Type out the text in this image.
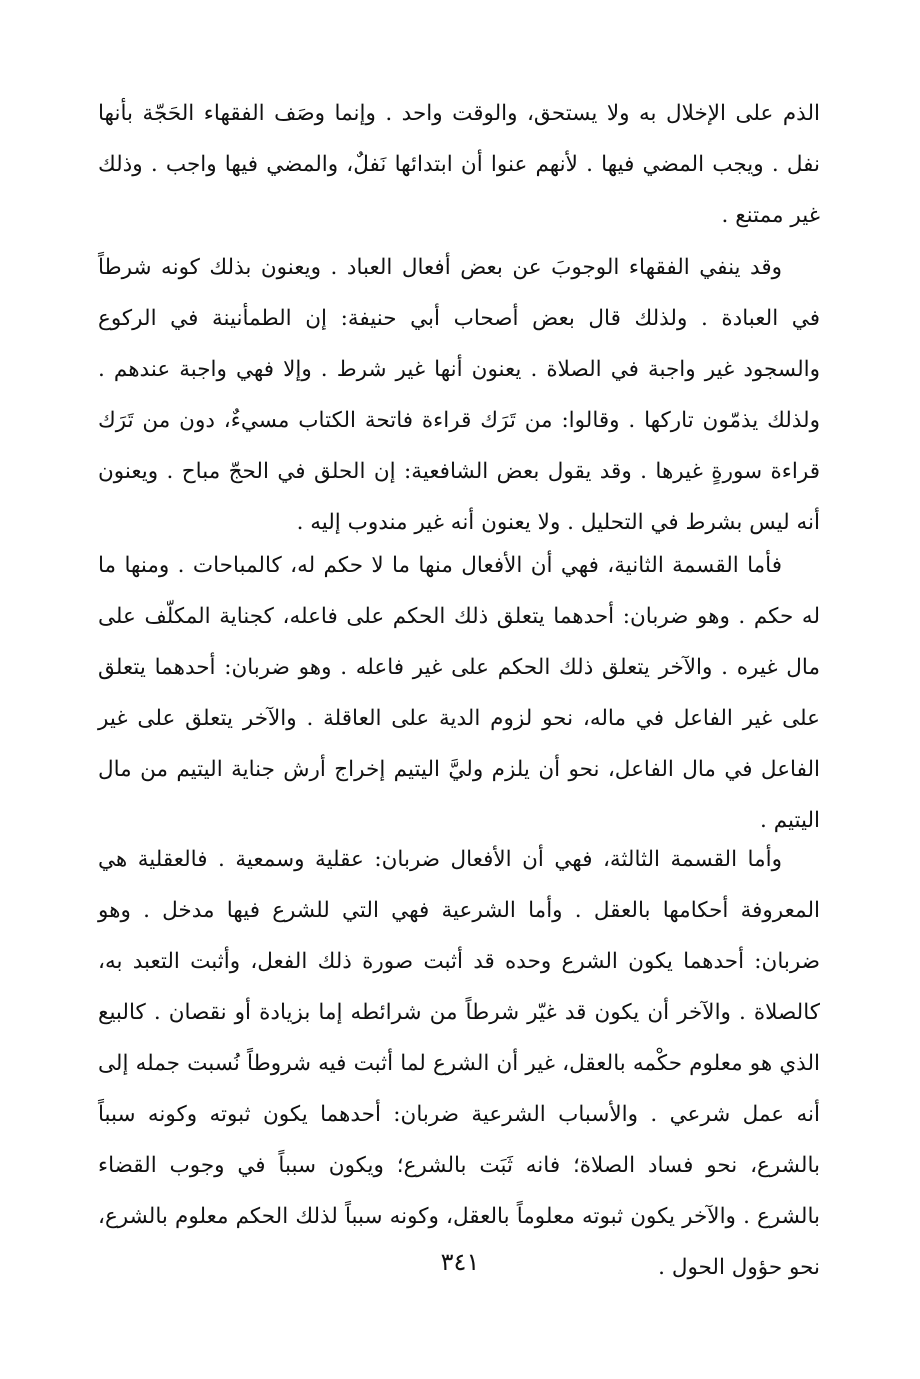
الذم على الإخلال به ولا يستحق، والوقت واحد . وإنما وصَف الفقهاء الحَجّة بأنها نفل . ويجب المضي فيها . لأنهم عنوا أن ابتدائها نَفلٌ، والمضي فيها واجب . وذلك غير ممتنع .

وقد ينفي الفقهاء الوجوبَ عن بعض أفعال العباد . ويعنون بذلك كونه شرطاً في العبادة . ولذلك قال بعض أصحاب أبي حنيفة: إن الطمأنينة في الركوع والسجود غير واجبة في الصلاة . يعنون أنها غير شرط . وإلا فهي واجبة عندهم . ولذلك يذمّون تاركها . وقالوا: من تَرَك قراءة فاتحة الكتاب مسيءٌ، دون من تَرَك قراءة سورةٍ غيرها . وقد يقول بعض الشافعية: إن الحلق في الحجّ مباح . ويعنون أنه ليس بشرط في التحليل . ولا يعنون أنه غير مندوب إليه .

فأما القسمة الثانية، فهي أن الأفعال منها ما لا حكم له، كالمباحات . ومنها ما له حكم . وهو ضربان: أحدهما يتعلق ذلك الحكم على فاعله، كجناية المكلّف على مال غيره . والآخر يتعلق ذلك الحكم على غير فاعله . وهو ضربان: أحدهما يتعلق على غير الفاعل في ماله، نحو لزوم الدية على العاقلة . والآخر يتعلق على غير الفاعل في مال الفاعل، نحو أن يلزم وليَّ اليتيم إخراج أرش جناية اليتيم من مال اليتيم .

وأما القسمة الثالثة، فهي أن الأفعال ضربان: عقلية وسمعية . فالعقلية هي المعروفة أحكامها بالعقل . وأما الشرعية فهي التي للشرع فيها مدخل . وهو ضربان: أحدهما يكون الشرع وحده قد أثبت صورة ذلك الفعل، وأثبت التعبد به، كالصلاة . والآخر أن يكون قد غيّر شرطاً من شرائطه إما بزيادة أو نقصان . كالبيع الذي هو معلوم حكْمه بالعقل، غير أن الشرع لما أثبت فيه شروطاً نُسبت جمله إلى أنه عمل شرعي . والأسباب الشرعية ضربان: أحدهما يكون ثبوته وكونه سبباً بالشرع، نحو فساد الصلاة؛ فانه ثَبَت بالشرع؛ ويكون سبباً في وجوب القضاء بالشرع . والآخر يكون ثبوته معلوماً بالعقل، وكونه سبباً لذلك الحكم معلوم بالشرع، نحو حؤول الحول .

٣٤١
